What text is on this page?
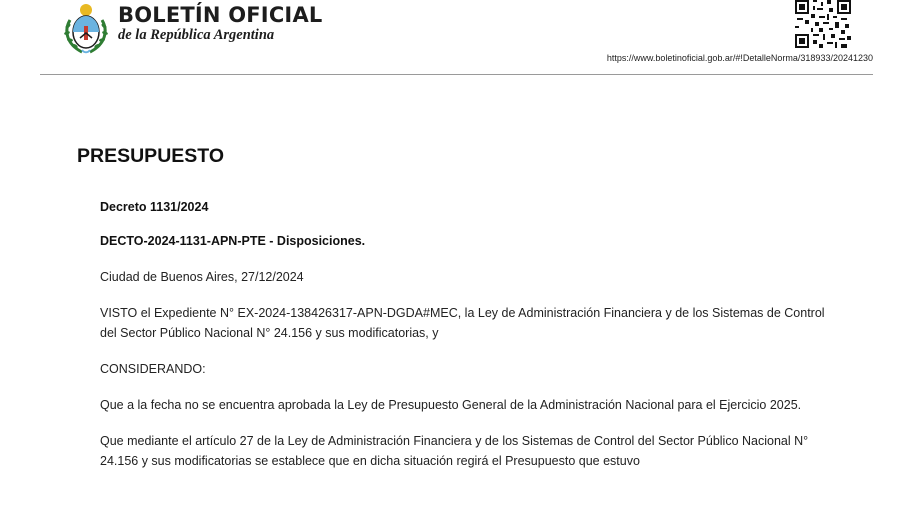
BOLETÍN OFICIAL
de la República Argentina
https://www.boletinoficial.gob.ar/#!DetalleNorma/318933/20241230
PRESUPUESTO

Decreto 1131/2024

DECTO-2024-1131-APN-PTE - Disposiciones.

Ciudad de Buenos Aires, 27/12/2024

VISTO el Expediente N° EX-2024-138426317-APN-DGDA#MEC, la Ley de Administración Financiera y de los Sistemas de Control del Sector Público Nacional N° 24.156 y sus modificatorias, y

CONSIDERANDO:

Que a la fecha no se encuentra aprobada la Ley de Presupuesto General de la Administración Nacional para el Ejercicio 2025.

Que mediante el artículo 27 de la Ley de Administración Financiera y de los Sistemas de Control del Sector Público Nacional N° 24.156 y sus modificatorias se establece que en dicha situación regirá el Presupuesto que estuvo
